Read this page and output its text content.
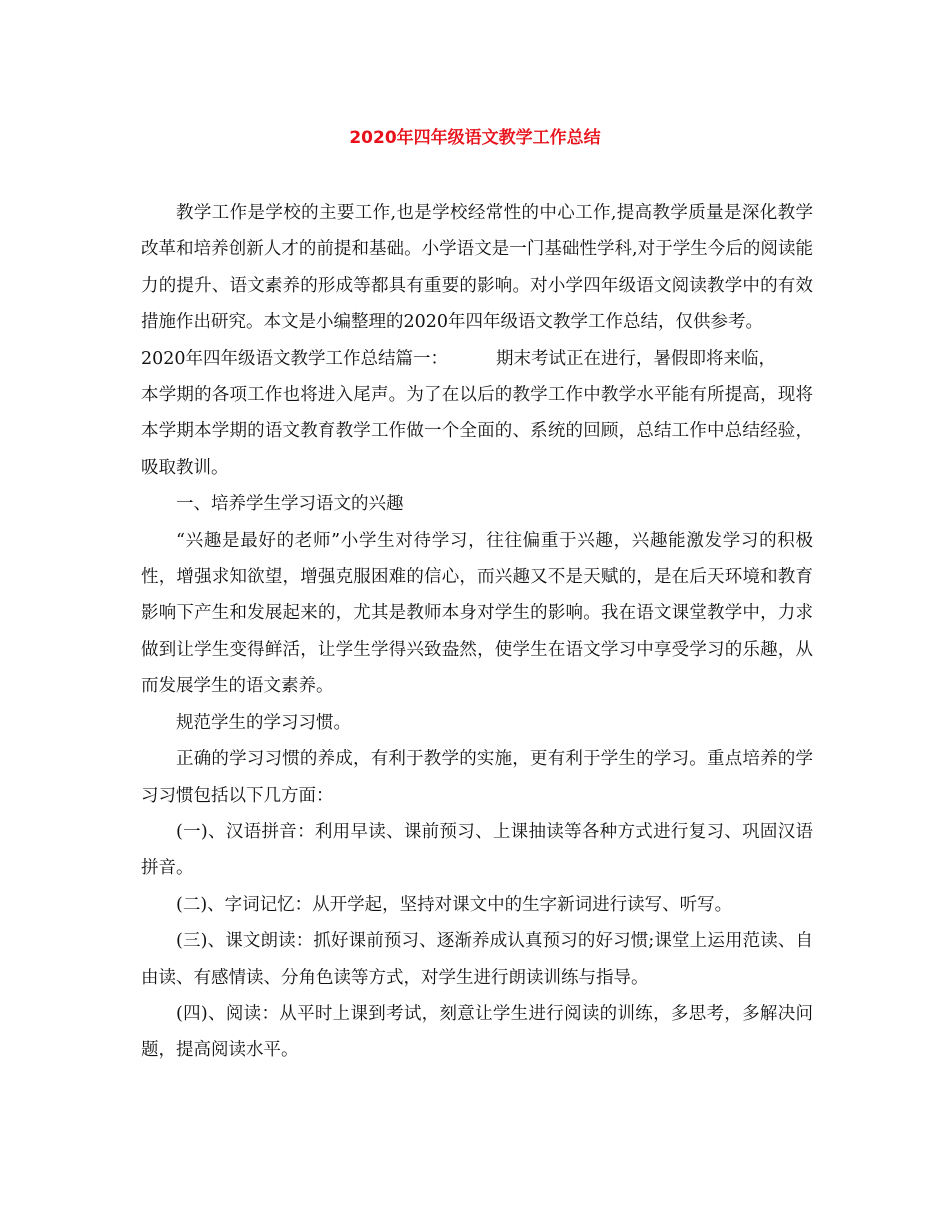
2020年四年级语文教学工作总结

教学工作是学校的主要工作,也是学校经常性的中心工作,提高教学质量是深化教学改革和培养创新人才的前提和基础。小学语文是一门基础性学科,对于学生今后的阅读能力的提升、语文素养的形成等都具有重要的影响。对小学四年级语文阅读教学中的有效措施作出研究。本文是小编整理的2020年四年级语文教学工作总结，仅供参考。

2020年四年级语文教学工作总结篇一：	期末考试正在进行，暑假即将来临，

本学期的各项工作也将进入尾声。为了在以后的教学工作中教学水平能有所提高，现将本学期本学期的语文教育教学工作做一个全面的、系统的回顾，总结工作中总结经验，吸取教训。

一、培养学生学习语文的兴趣

“兴趣是最好的老师”小学生对待学习，往往偏重于兴趣，兴趣能激发学习的积极性，增强求知欲望，增强克服困难的信心，而兴趣又不是天赋的，是在后天环境和教育影响下产生和发展起来的，尤其是教师本身对学生的影响。我在语文课堂教学中，力求做到让学生变得鲜活，让学生学得兴致盎然，使学生在语文学习中享受学习的乐趣，从而发展学生的语文素养。

规范学生的学习习惯。

正确的学习习惯的养成，有利于教学的实施，更有利于学生的学习。重点培养的学习习惯包括以下几方面：

(一)、汉语拼音：利用早读、课前预习、上课抽读等各种方式进行复习、巩固汉语拼音。

(二)、字词记忆：从开学起，坚持对课文中的生字新词进行读写、听写。

(三)、课文朗读：抓好课前预习、逐渐养成认真预习的好习惯;课堂上运用范读、自由读、有感情读、分角色读等方式，对学生进行朗读训练与指导。

(四)、阅读：从平时上课到考试，刻意让学生进行阅读的训练，多思考，多解决问题，提高阅读水平。
